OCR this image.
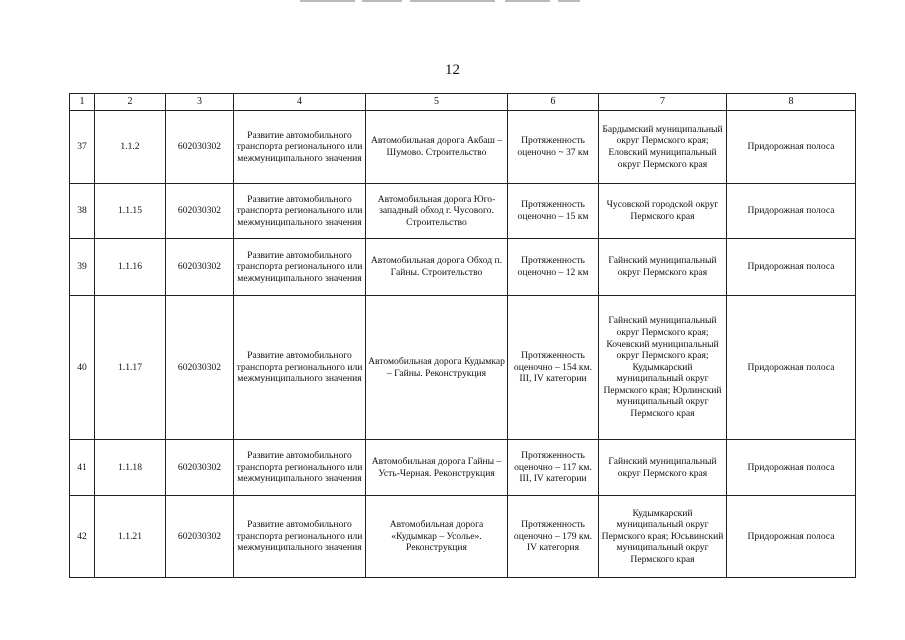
12
1	2	3	4	5	6	7	8
37	1.1.2	602030302	Развитие автомобильного транспорта регионального или межмуниципального значения	Автомобильная дорога Акбаш – Шумово. Строительство	Протяженность оценочно ~ 37 км	Бардымский муниципальный округ Пермского края; Еловский муниципальный округ Пермского края	Придорожная полоса
38	1.1.15	602030302	Развитие автомобильного транспорта регионального или межмуниципального значения	Автомобильная дорога Юго-западный обход г. Чусового. Строительство	Протяженность оценочно – 15 км	Чусовской городской округ Пермского края	Придорожная полоса
39	1.1.16	602030302	Развитие автомобильного транспорта регионального или межмуниципального значения	Автомобильная дорога Обход п. Гайны. Строительство	Протяженность оценочно – 12 км	Гайнский муниципальный округ Пермского края	Придорожная полоса
40	1.1.17	602030302	Развитие автомобильного транспорта регионального или межмуниципального значения	Автомобильная дорога Кудымкар – Гайны. Реконструкция	Протяженность оценочно – 154 км. III, IV категории	Гайнский муниципальный округ Пермского края; Кочевский муниципальный округ Пермского края; Кудымкарский муниципальный округ Пермского края; Юрлинский муниципальный округ Пермского края	Придорожная полоса
41	1.1.18	602030302	Развитие автомобильного транспорта регионального или межмуниципального значения	Автомобильная дорога Гайны – Усть-Черная. Реконструкция	Протяженность оценочно – 117 км. III, IV категории	Гайнский муниципальный округ Пермского края	Придорожная полоса
42	1.1.21	602030302	Развитие автомобильного транспорта регионального или межмуниципального значения	Автомобильная дорога «Кудымкар – Усолье». Реконструкция	Протяженность оценочно – 179 км. IV категория	Кудымкарский муниципальный округ Пермского края; Юсьвинский муниципальный округ Пермского края	Придорожная полоса
